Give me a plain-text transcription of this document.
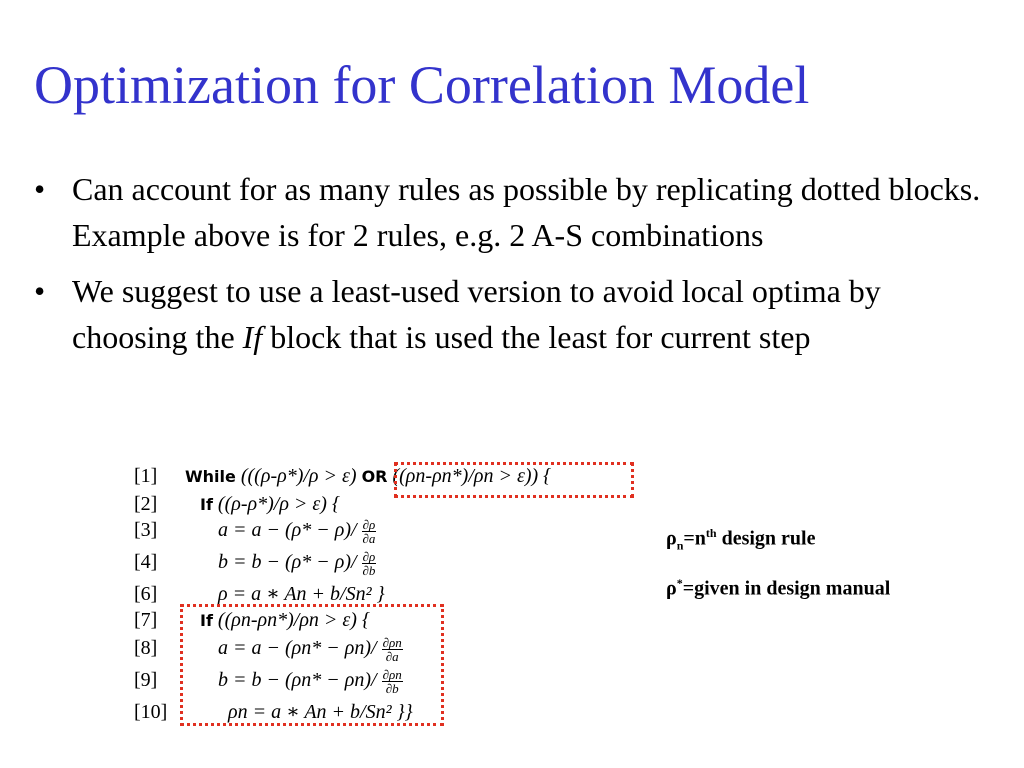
Optimization for Correlation Model
• Can account for as many rules as possible by replicating dotted blocks. Example above is for 2 rules, e.g. 2 A-S combinations
• We suggest to use a least-used version to avoid local optima by choosing the If block that is used the least for current step
[1] While (((ρ-ρ*)/ρ > ε) OR ((ρn-ρn*)/ρn > ε)) {
[2]	If ((ρ-ρ*)/ρ > ε) {
[3]	$a = a - (\rho* - \rho)/ \frac{\partial\rho}{\partial a}$
[4]	$b = b - (\rho* - \rho)/ \frac{\partial\rho}{\partial b}$
[6]	ρ = a ∗ An + b/Sn² }
[7]	If ((ρn-ρn*)/ρn > ε) {
[8]	$a = a - (\rho n* - \rho n)/ \frac{\partial\rho n}{\partial a}$
[9]	$b = b - (\rho n* - \rho n)/ \frac{\partial\rho n}{\partial b}$
[10]	ρn = a ∗ An + b/Sn² }}
$\rho_n=n^{th}$ design rule
ρ*=given in design manual
